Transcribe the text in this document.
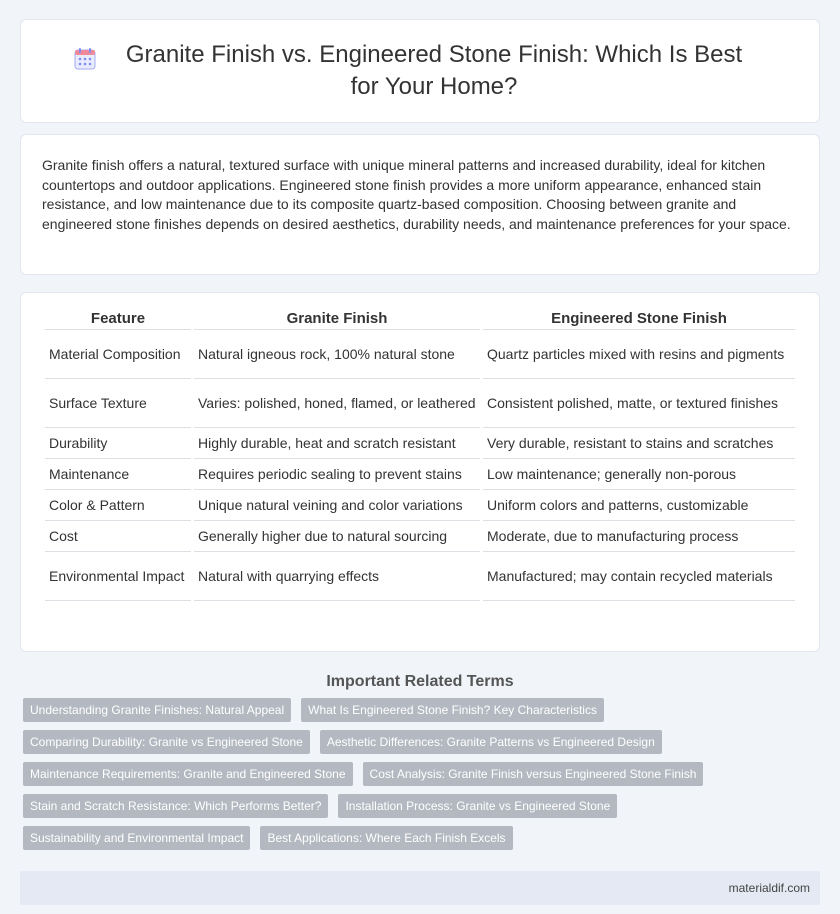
Granite Finish vs. Engineered Stone Finish: Which Is Best for Your Home?

Granite finish offers a natural, textured surface with unique mineral patterns and increased durability, ideal for kitchen countertops and outdoor applications. Engineered stone finish provides a more uniform appearance, enhanced stain resistance, and low maintenance due to its composite quartz-based composition. Choosing between granite and engineered stone finishes depends on desired aesthetics, durability needs, and maintenance preferences for your space.

Feature	Granite Finish	Engineered Stone Finish
Material Composition	Natural igneous rock, 100% natural stone	Quartz particles mixed with resins and pigments
Surface Texture	Varies: polished, honed, flamed, or leathered	Consistent polished, matte, or textured finishes
Durability	Highly durable, heat and scratch resistant	Very durable, resistant to stains and scratches
Maintenance	Requires periodic sealing to prevent stains	Low maintenance; generally non-porous
Color & Pattern	Unique natural veining and color variations	Uniform colors and patterns, customizable
Cost	Generally higher due to natural sourcing	Moderate, due to manufacturing process
Environmental Impact	Natural with quarrying effects	Manufactured; may contain recycled materials
Important Related Terms
Understanding Granite Finishes: Natural Appeal	What Is Engineered Stone Finish? Key Characteristics
Comparing Durability: Granite vs Engineered Stone	Aesthetic Differences: Granite Patterns vs Engineered Design
Maintenance Requirements: Granite and Engineered Stone	Cost Analysis: Granite Finish versus Engineered Stone Finish
Stain and Scratch Resistance: Which Performs Better?	Installation Process: Granite vs Engineered Stone
Sustainability and Environmental Impact	Best Applications: Where Each Finish Excels
materialdif.com
